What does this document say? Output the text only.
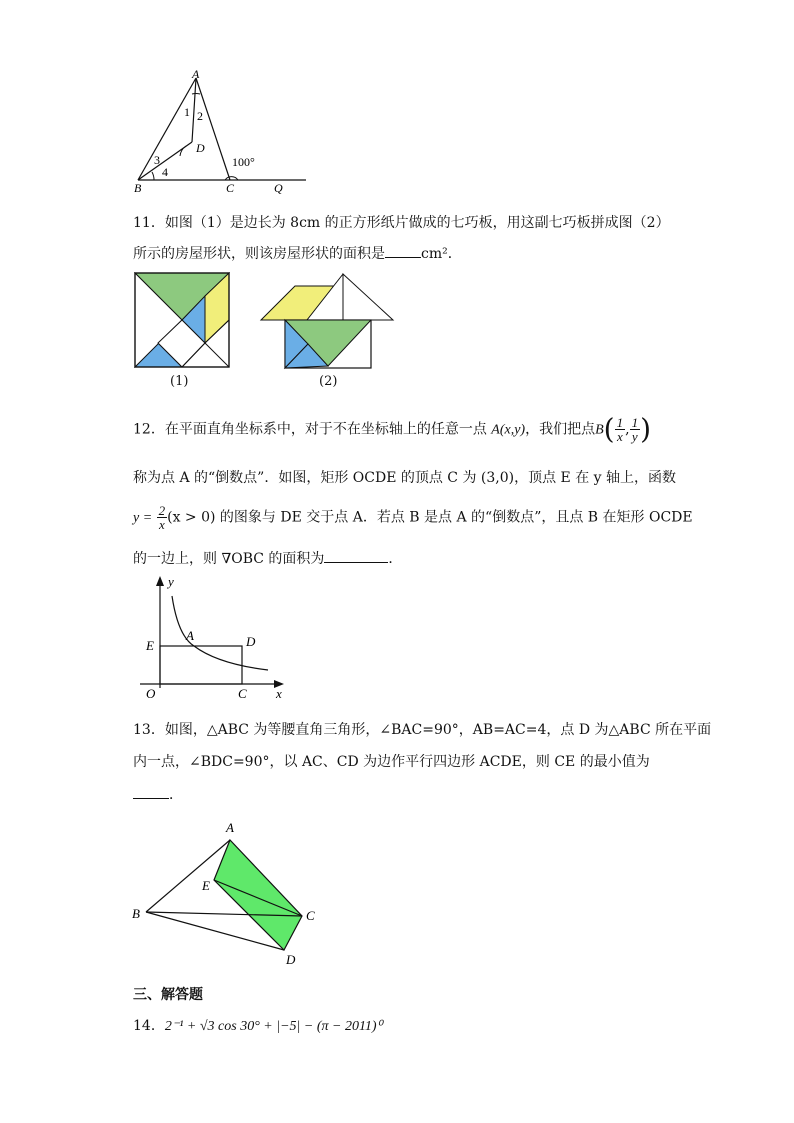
A
1 2
D
3
4
100°
B	C	Q
11．如图（1）是边长为 8cm 的正方形纸片做成的七巧板，用这副七巧板拼成图（2）
所示的房屋形状，则该房屋形状的面积是	cm²．
(1)	(2)
12．在平面直角坐标系中，对于不在坐标轴上的任意一点 A(x,y)，我们把点$B( \frac{1}{x}$ , $\frac{1}{y}$ )
称为点 A 的“倒数点”．如图，矩形 OCDE 的顶点 C 为 (3,0)，顶点 E 在 y 轴上，函数
$y = \frac{2}{x} (x > 0)$ 的图象与 DE 交于点 A．若点 B 是点 A 的“倒数点”，且点 B 在矩形 OCDE
的一边上，则 ∇OBC 的面积为	．
y
x
O
E
A	D
C
13．如图，△ABC 为等腰直角三角形，∠BAC=90°，AB=AC=4，点 D 为△ABC 所在平面
内一点，∠BDC=90°，以 AC、CD 为边作平行四边形 ACDE，则 CE 的最小值为
．
A
B	C
D
E
三、解答题
14．2⁻¹ + √3 cos 30° + |−5| − (π − 2011)⁰
